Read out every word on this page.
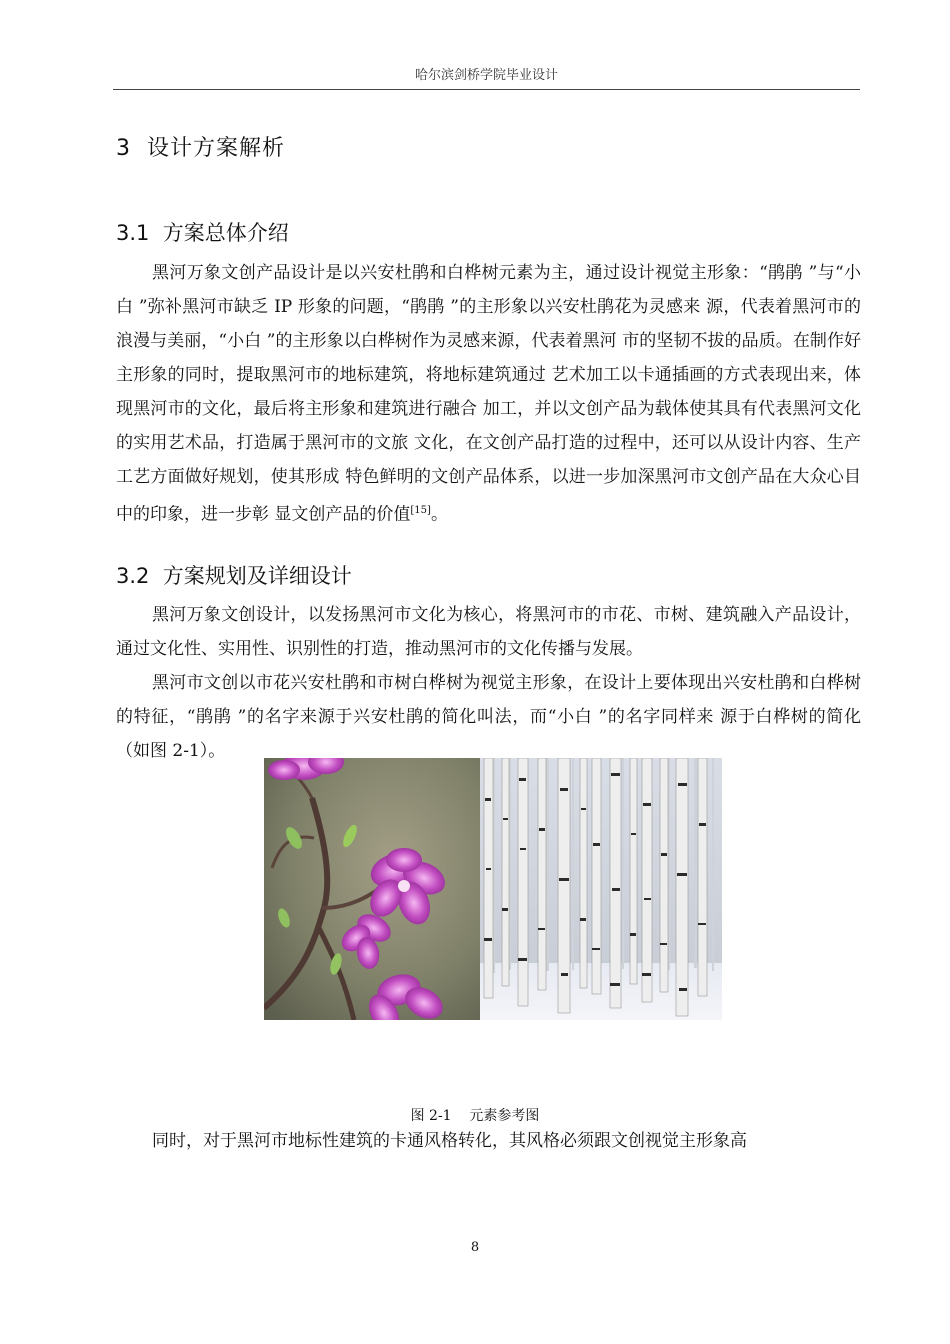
哈尔滨剑桥学院毕业设计
3 设计方案解析
3.1 方案总体介绍

黑河万象文创产品设计是以兴安杜鹃和白桦树元素为主，通过设计视觉主形象：“鹃鹃 ”与“小白 ”弥补黑河市缺乏 IP 形象的问题，“鹃鹃 ”的主形象以兴安杜鹃花为灵感来 源，代表着黑河市的浪漫与美丽，“小白 ”的主形象以白桦树作为灵感来源，代表着黑河 市的坚韧不拔的品质。在制作好主形象的同时，提取黑河市的地标建筑，将地标建筑通过 艺术加工以卡通插画的方式表现出来，体现黑河市的文化，最后将主形象和建筑进行融合 加工，并以文创产品为载体使其具有代表黑河文化的实用艺术品，打造属于黑河市的文旅 文化，在文创产品打造的过程中，还可以从设计内容、生产工艺方面做好规划，使其形成 特色鲜明的文创产品体系，以进一步加深黑河市文创产品在大众心目中的印象，进一步彰 显文创产品的价值[15]。

3.2 方案规划及详细设计

黑河万象文创设计，以发扬黑河市文化为核心，将黑河市的市花、市树、建筑融入产品设计，通过文化性、实用性、识别性的打造，推动黑河市的文化传播与发展。

黑河市文创以市花兴安杜鹃和市树白桦树为视觉主形象，在设计上要体现出兴安杜鹃和白桦树的特征，“鹃鹃 ”的名字来源于兴安杜鹃的简化叫法，而“小白 ”的名字同样来 源于白桦树的简化（如图 2-1）。

图 2-1 元素参考图

同时，对于黑河市地标性建筑的卡通风格转化，其风格必须跟文创视觉主形象高

8
